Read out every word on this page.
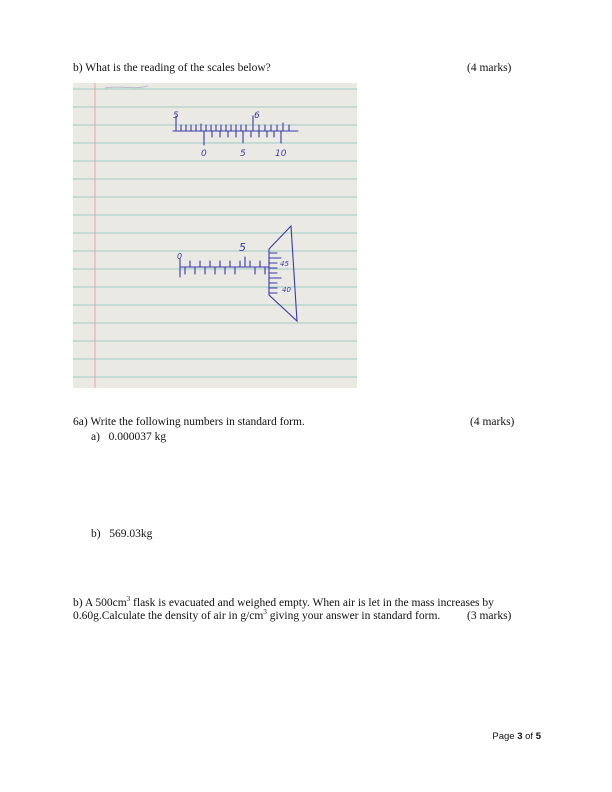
b) What is the reading of the scales below?	(4 marks)
5	6
0	5	10
0
5
45
40
6a) Write the following numbers in standard form.	(4 marks)
a) 0.000037 kg
b) 569.03kg
b) A $500cm^3$ flask is evacuated and weighed empty. When air is let in the mass increases by
0.60g.Calculate the density of air in $g/cm^3$ giving your answer in standard form. (3 marks)
Page 3 of 5
